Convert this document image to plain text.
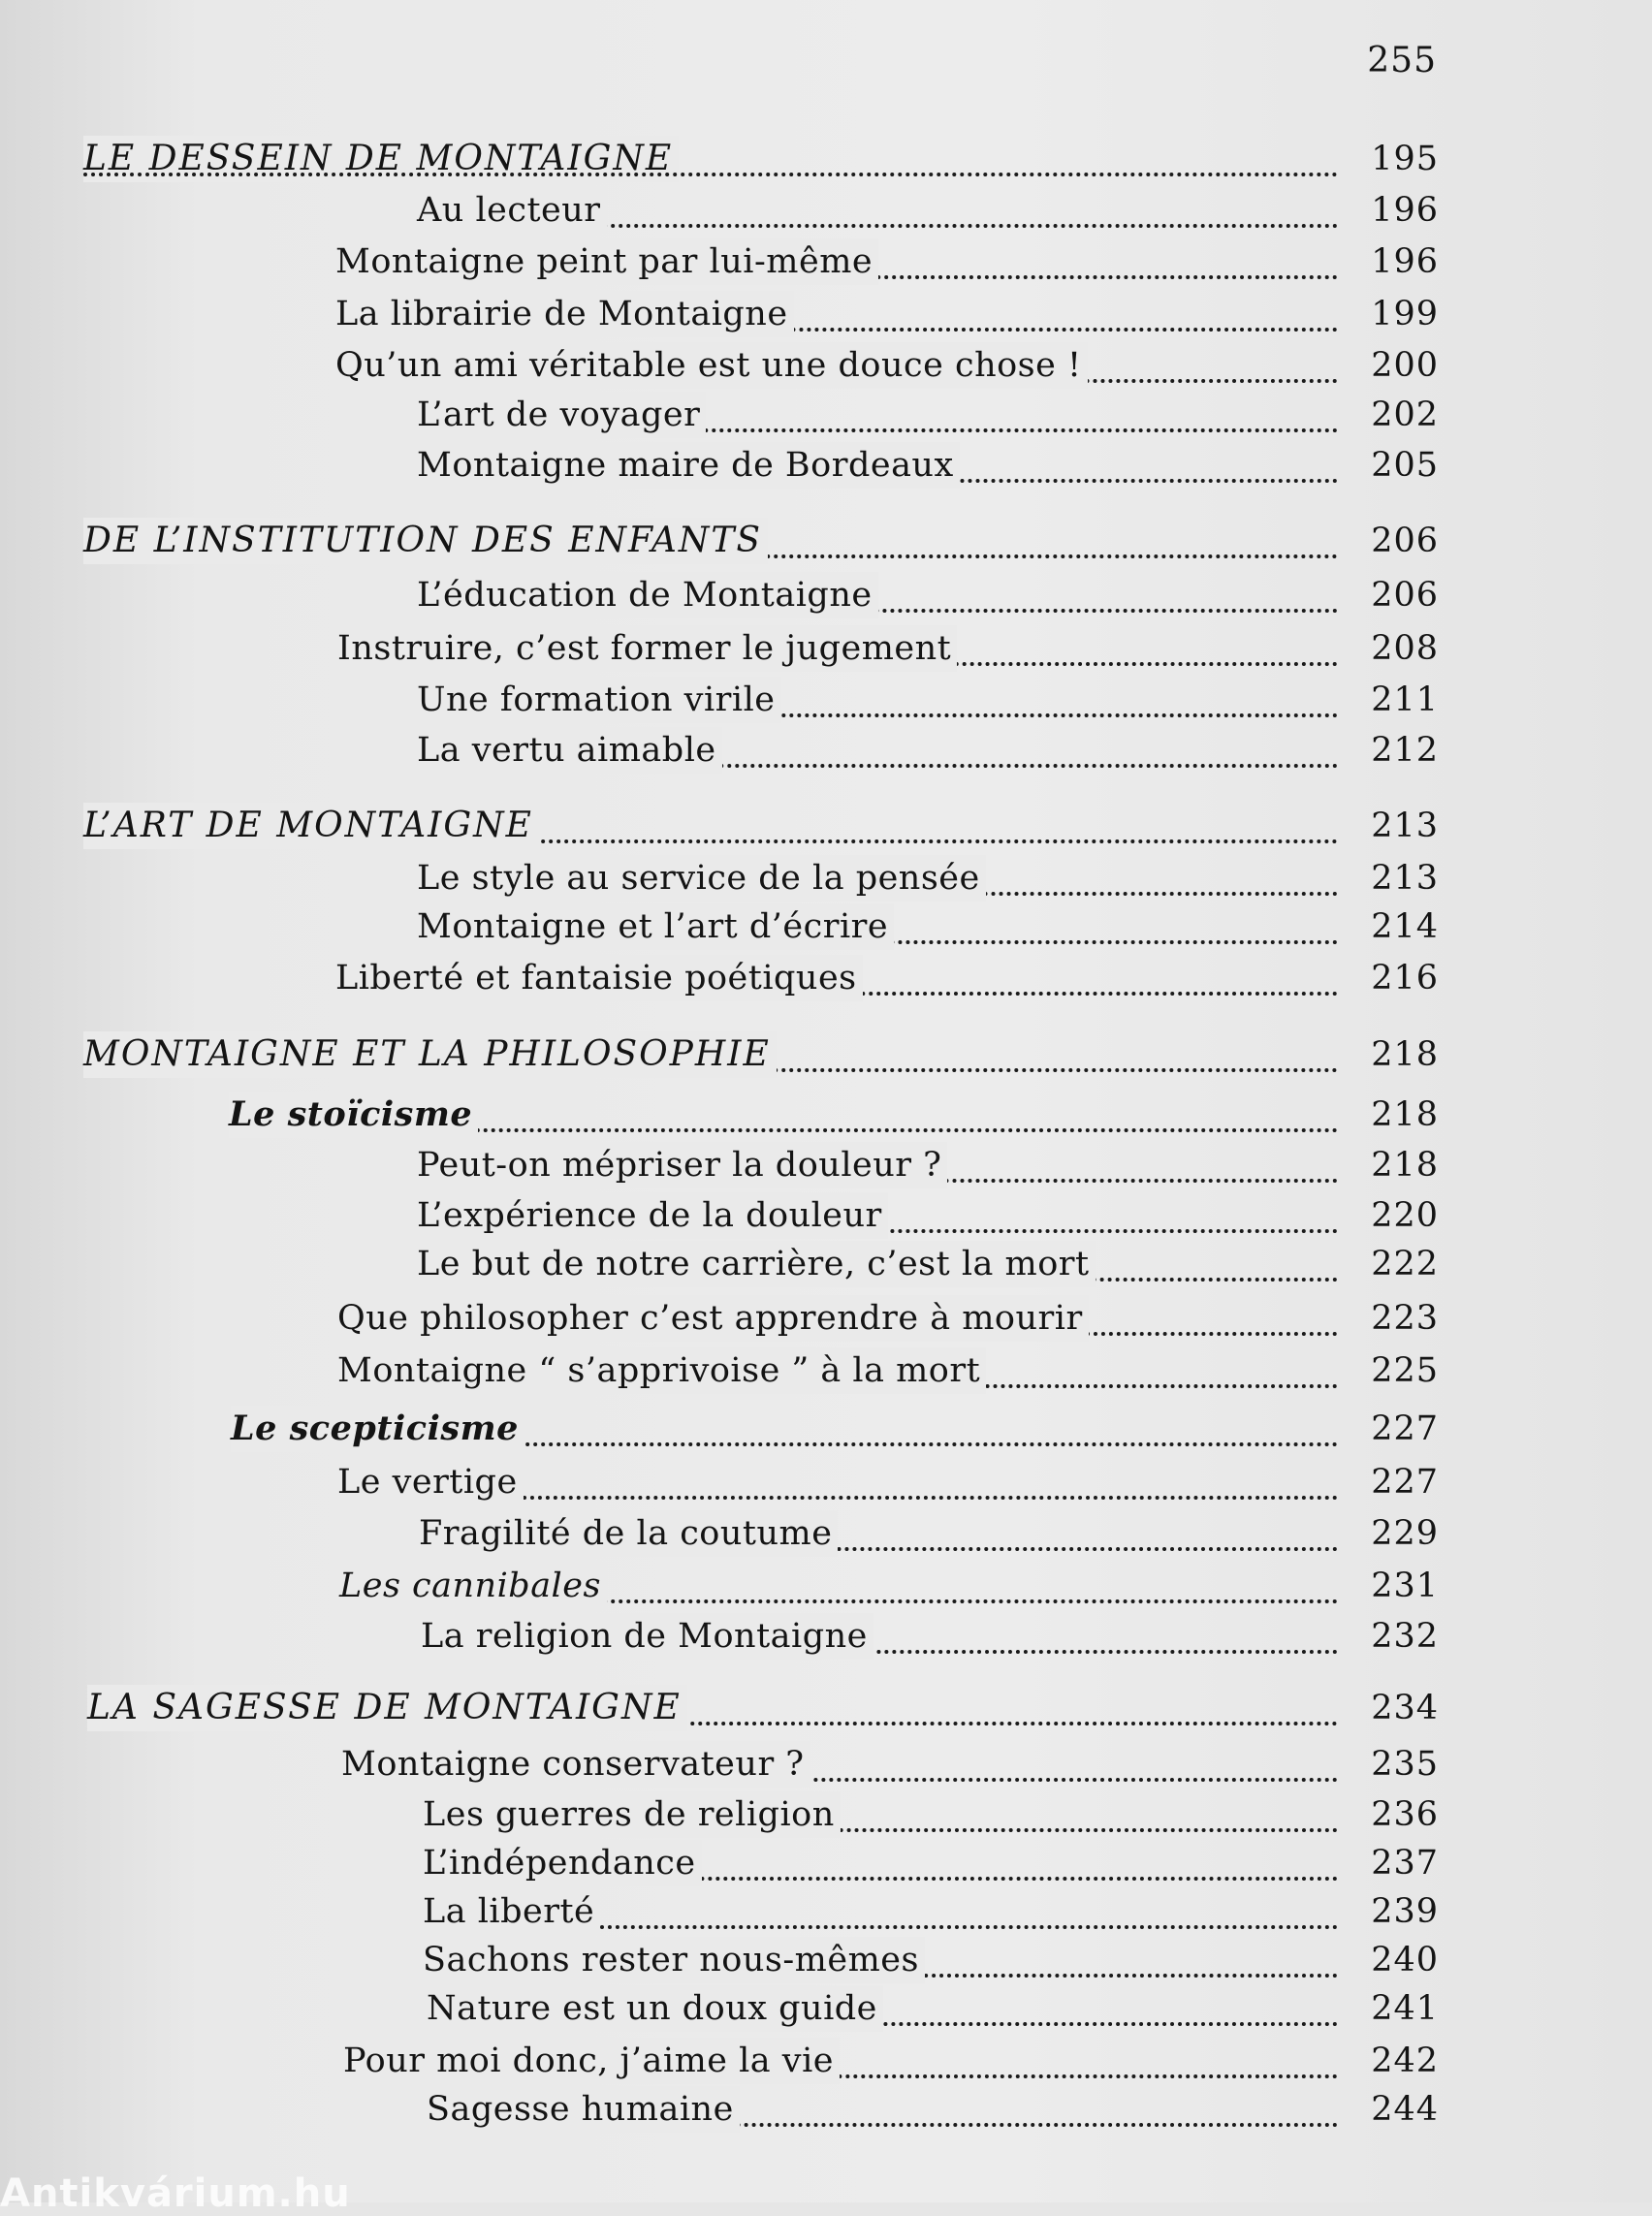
255
LE DESSEIN DE MONTAIGNE	195
Au lecteur	196
Montaigne peint par lui-même	196
La librairie de Montaigne	199
Qu’un ami véritable est une douce chose !	200
L’art de voyager	202
Montaigne maire de Bordeaux	205
DE L’INSTITUTION DES ENFANTS	206
L’éducation de Montaigne	206
Instruire, c’est former le jugement	208
Une formation virile	211
La vertu aimable	212
L’ART DE MONTAIGNE	213
Le style au service de la pensée	213
Montaigne et l’art d’écrire	214
Liberté et fantaisie poétiques	216
MONTAIGNE ET LA PHILOSOPHIE	218
Le stoïcisme	218
Peut-on mépriser la douleur ?	218
L’expérience de la douleur	220
Le but de notre carrière, c’est la mort	222
Que philosopher c’est apprendre à mourir	223
Montaigne “ s’apprivoise ” à la mort	225
Le scepticisme	227
Le vertige	227
Fragilité de la coutume	229
Les cannibales	231
La religion de Montaigne	232
LA SAGESSE DE MONTAIGNE	234
Montaigne conservateur ?	235
Les guerres de religion	236
L’indépendance	237
La liberté	239
Sachons rester nous-mêmes	240
Nature est un doux guide	241
Pour moi donc, j’aime la vie	242
Sagesse humaine	244
Antikvárium.hu
